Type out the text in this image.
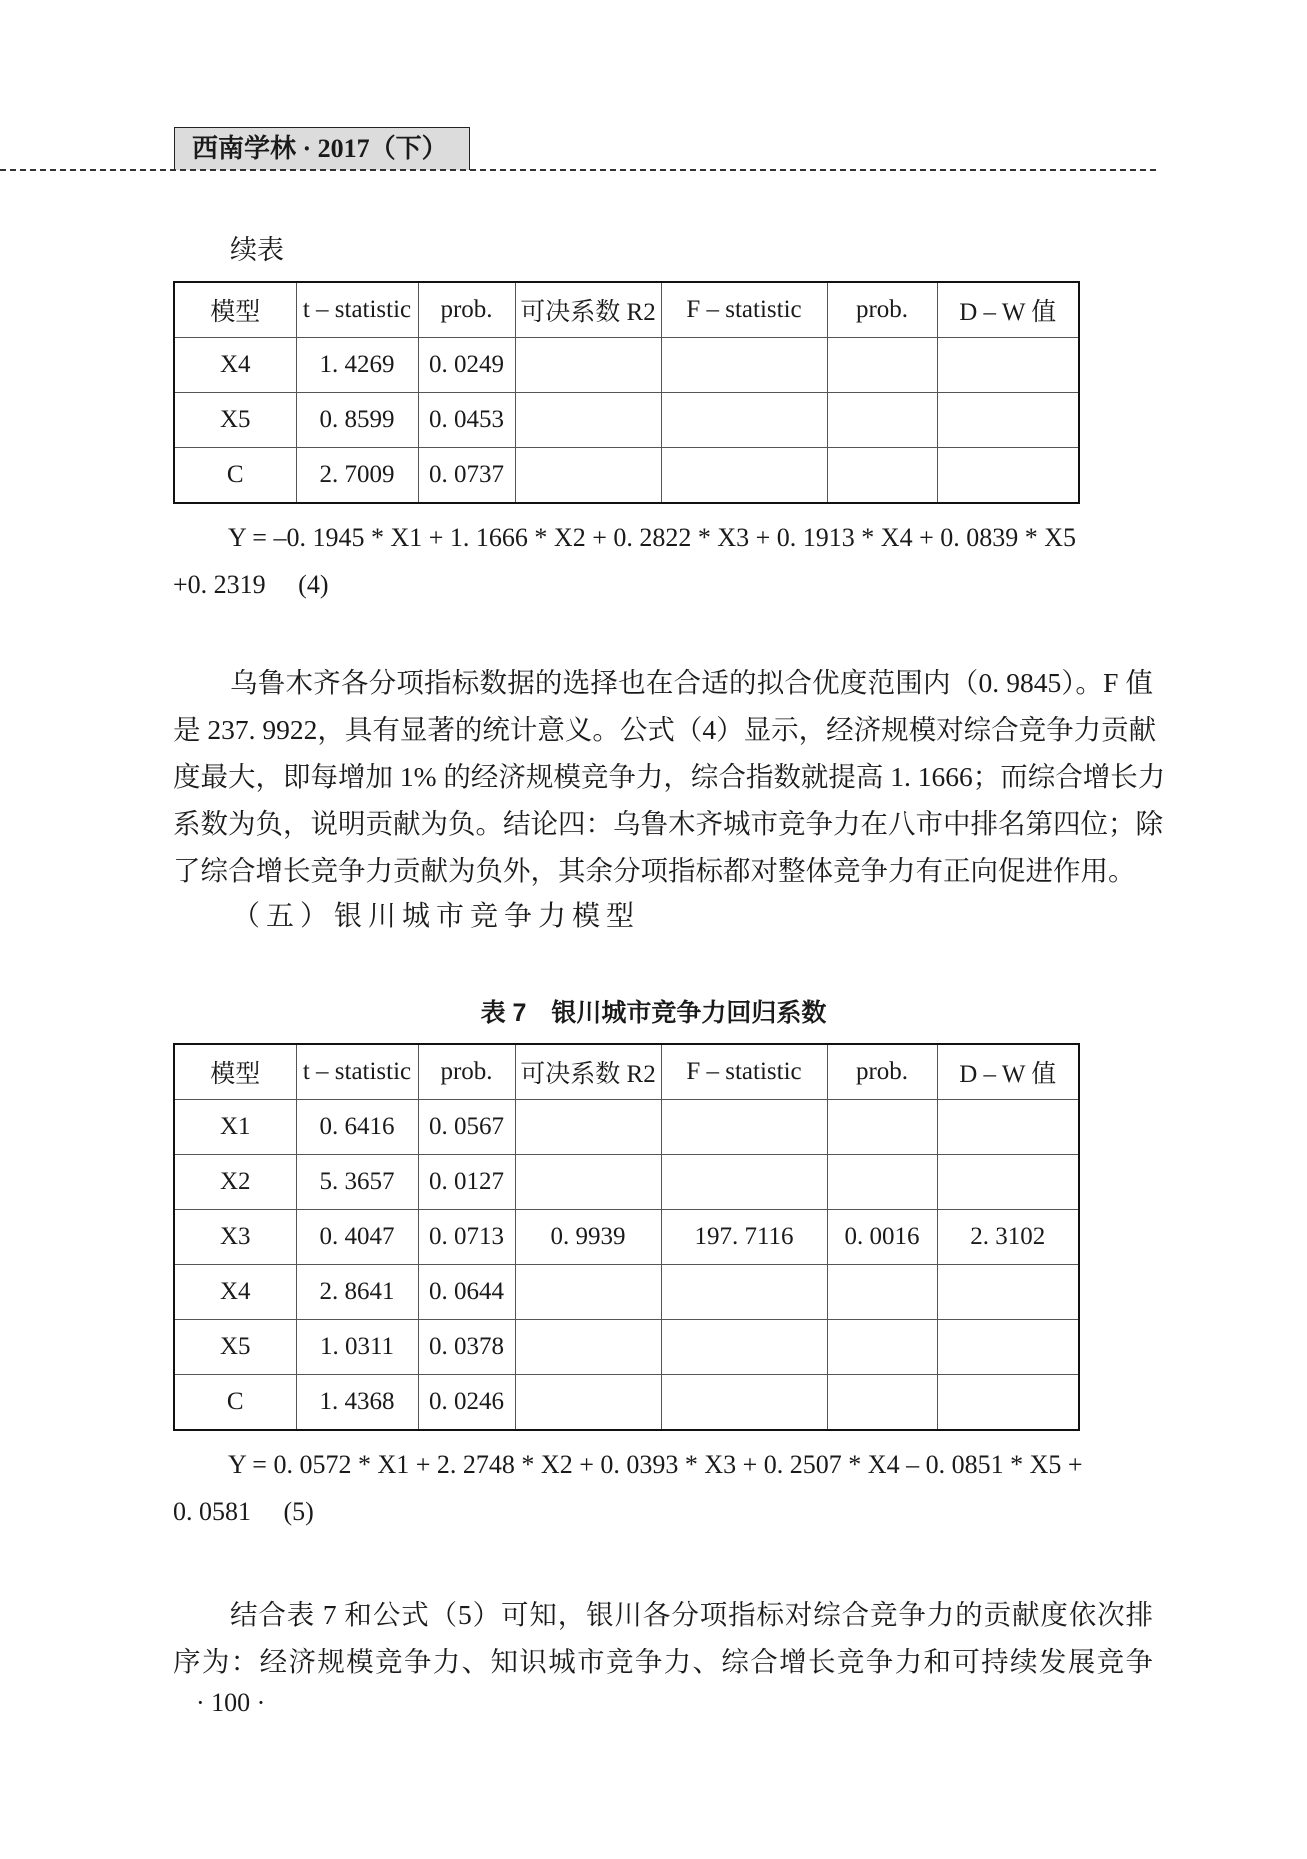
西南学林 · 2017（下）
续表
模型	t – statistic	prob.	可决系数 R2	F – statistic	prob.	D – W 值
X4	1. 4269	0. 0249				
X5	0. 8599	0. 0453				
C	2. 7009	0. 0737				
Y = –0. 1945 * X1 + 1. 1666 * X2 + 0. 2822 * X3 + 0. 1913 * X4 + 0. 0839 * X5
+0. 2319　 (4)
乌鲁木齐各分项指标数据的选择也在合适的拟合优度范围内（0. 9845）。F 值
是 237. 9922，具有显著的统计意义。公式（4）显示，经济规模对综合竞争力贡献
度最大，即每增加 1% 的经济规模竞争力，综合指数就提高 1. 1666；而综合增长力
系数为负，说明贡献为负。结论四：乌鲁木齐城市竞争力在八市中排名第四位；除
了综合增长竞争力贡献为负外，其余分项指标都对整体竞争力有正向促进作用。
（五）银川城市竞争力模型
表 7　银川城市竞争力回归系数
模型	t – statistic	prob.	可决系数 R2	F – statistic	prob.	D – W 值
X1	0. 6416	0. 0567				
X2	5. 3657	0. 0127				
X3	0. 4047	0. 0713	0. 9939	197. 7116	0. 0016	2. 3102
X4	2. 8641	0. 0644				
X5	1. 0311	0. 0378				
C	1. 4368	0. 0246				
Y = 0. 0572 * X1 + 2. 2748 * X2 + 0. 0393 * X3 + 0. 2507 * X4 – 0. 0851 * X5 +
0. 0581　 (5)
结合表 7 和公式（5）可知，银川各分项指标对综合竞争力的贡献度依次排
序为：经济规模竞争力、知识城市竞争力、综合增长竞争力和可持续发展竞争
· 100 ·
